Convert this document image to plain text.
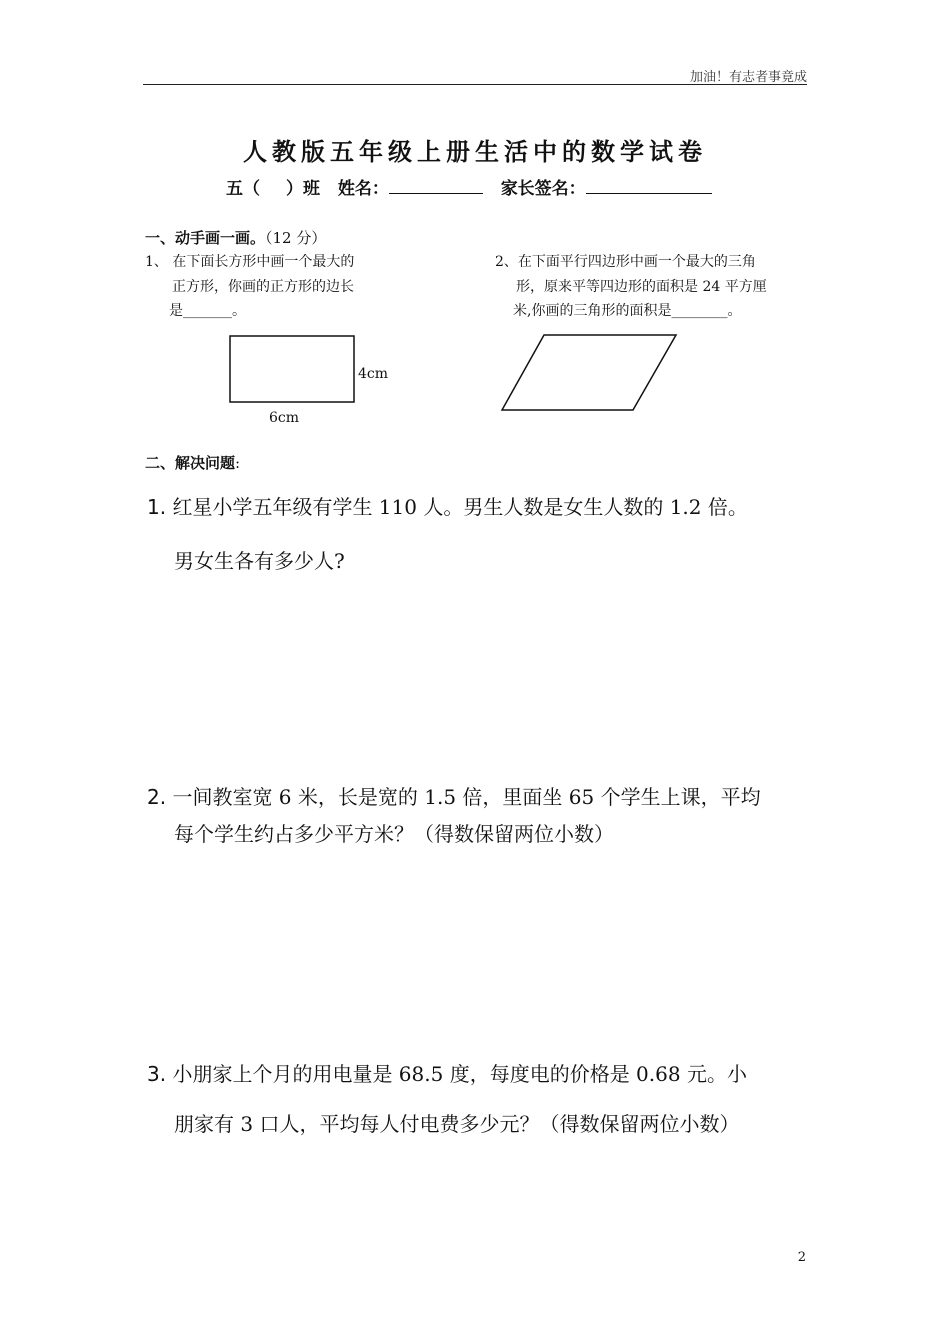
加油！有志者事竟成
人教版五年级上册生活中的数学试卷
五（ ）班 姓名：	家长签名：
一、动手画一画。（12 分）
1、 在下面长方形中画一个最大的
正方形，你画的正方形的边长
是_______。
2、在下面平行四边形中画一个最大的三角
形，原来平等四边形的面积是 24 平方厘
米,你画的三角形的面积是________。
4cm
6cm
二、解决问题:
1. 红星小学五年级有学生 110 人。男生人数是女生人数的 1.2 倍。
男女生各有多少人?
2. 一间教室宽 6 米，长是宽的 1.5 倍，里面坐 65 个学生上课，平均
每个学生约占多少平方米？（得数保留两位小数）
3. 小朋家上个月的用电量是 68.5 度，每度电的价格是 0.68 元。小
朋家有 3 口人，平均每人付电费多少元？（得数保留两位小数）
2
